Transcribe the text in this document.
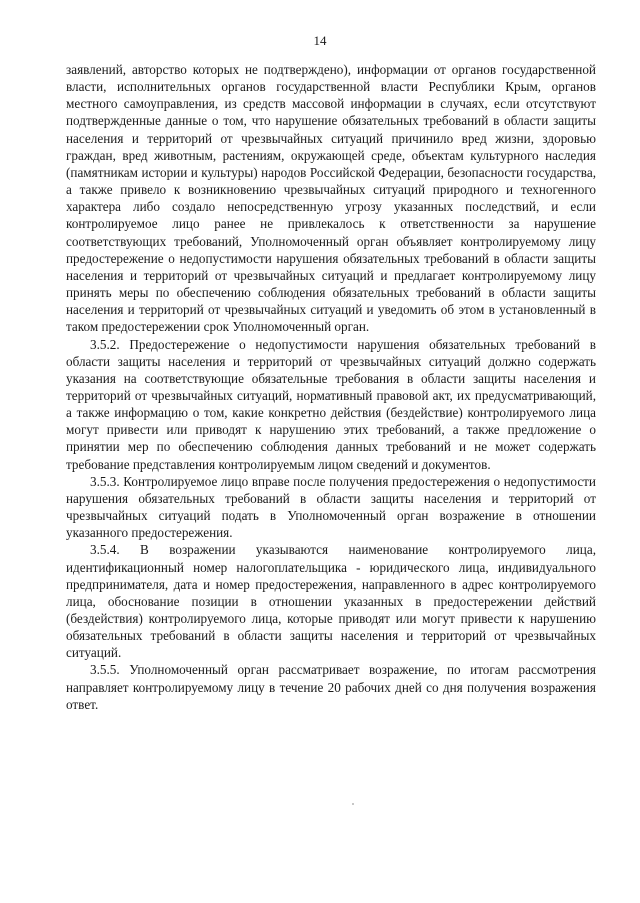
14

заявлений, авторство которых не подтверждено), информации от органов государственной власти, исполнительных органов государственной власти Республики Крым, органов местного самоуправления, из средств массовой информации в случаях, если отсутствуют подтвержденные данные о том, что нарушение обязательных требований в области защиты населения и территорий от чрезвычайных ситуаций причинило вред жизни, здоровью граждан, вред животным, растениям, окружающей среде, объектам культурного наследия (памятникам истории и культуры) народов Российской Федерации, безопасности государства, а также привело к возникновению чрезвычайных ситуаций природного и техногенного характера либо создало непосредственную угрозу указанных последствий, и если контролируемое лицо ранее не привлекалось к ответственности за нарушение соответствующих требований, Уполномоченный орган объявляет контролируемому лицу предостережение о недопустимости нарушения обязательных требований в области защиты населения и территорий от чрезвычайных ситуаций и предлагает контролируемому лицу принять меры по обеспечению соблюдения обязательных требований в области защиты населения и территорий от чрезвычайных ситуаций и уведомить об этом в установленный в таком предостережении срок Уполномоченный орган.

3.5.2. Предостережение о недопустимости нарушения обязательных требований в области защиты населения и территорий от чрезвычайных ситуаций должно содержать указания на соответствующие обязательные требования в области защиты населения и территорий от чрезвычайных ситуаций, нормативный правовой акт, их предусматривающий, а также информацию о том, какие конкретно действия (бездействие) контролируемого лица могут привести или приводят к нарушению этих требований, а также предложение о принятии мер по обеспечению соблюдения данных требований и не может содержать требование представления контролируемым лицом сведений и документов.

3.5.3. Контролируемое лицо вправе после получения предостережения о недопустимости нарушения обязательных требований в области защиты населения и территорий от чрезвычайных ситуаций подать в Уполномоченный орган возражение в отношении указанного предостережения.

3.5.4. В возражении указываются наименование контролируемого лица, идентификационный номер налогоплательщика - юридического лица, индивидуального предпринимателя, дата и номер предостережения, направленного в адрес контролируемого лица, обоснование позиции в отношении указанных в предостережении действий (бездействия) контролируемого лица, которые приводят или могут привести к нарушению обязательных требований в области защиты населения и территорий от чрезвычайных ситуаций.

3.5.5. Уполномоченный орган рассматривает возражение, по итогам рассмотрения направляет контролируемому лицу в течение 20 рабочих дней со дня получения возражения ответ.
